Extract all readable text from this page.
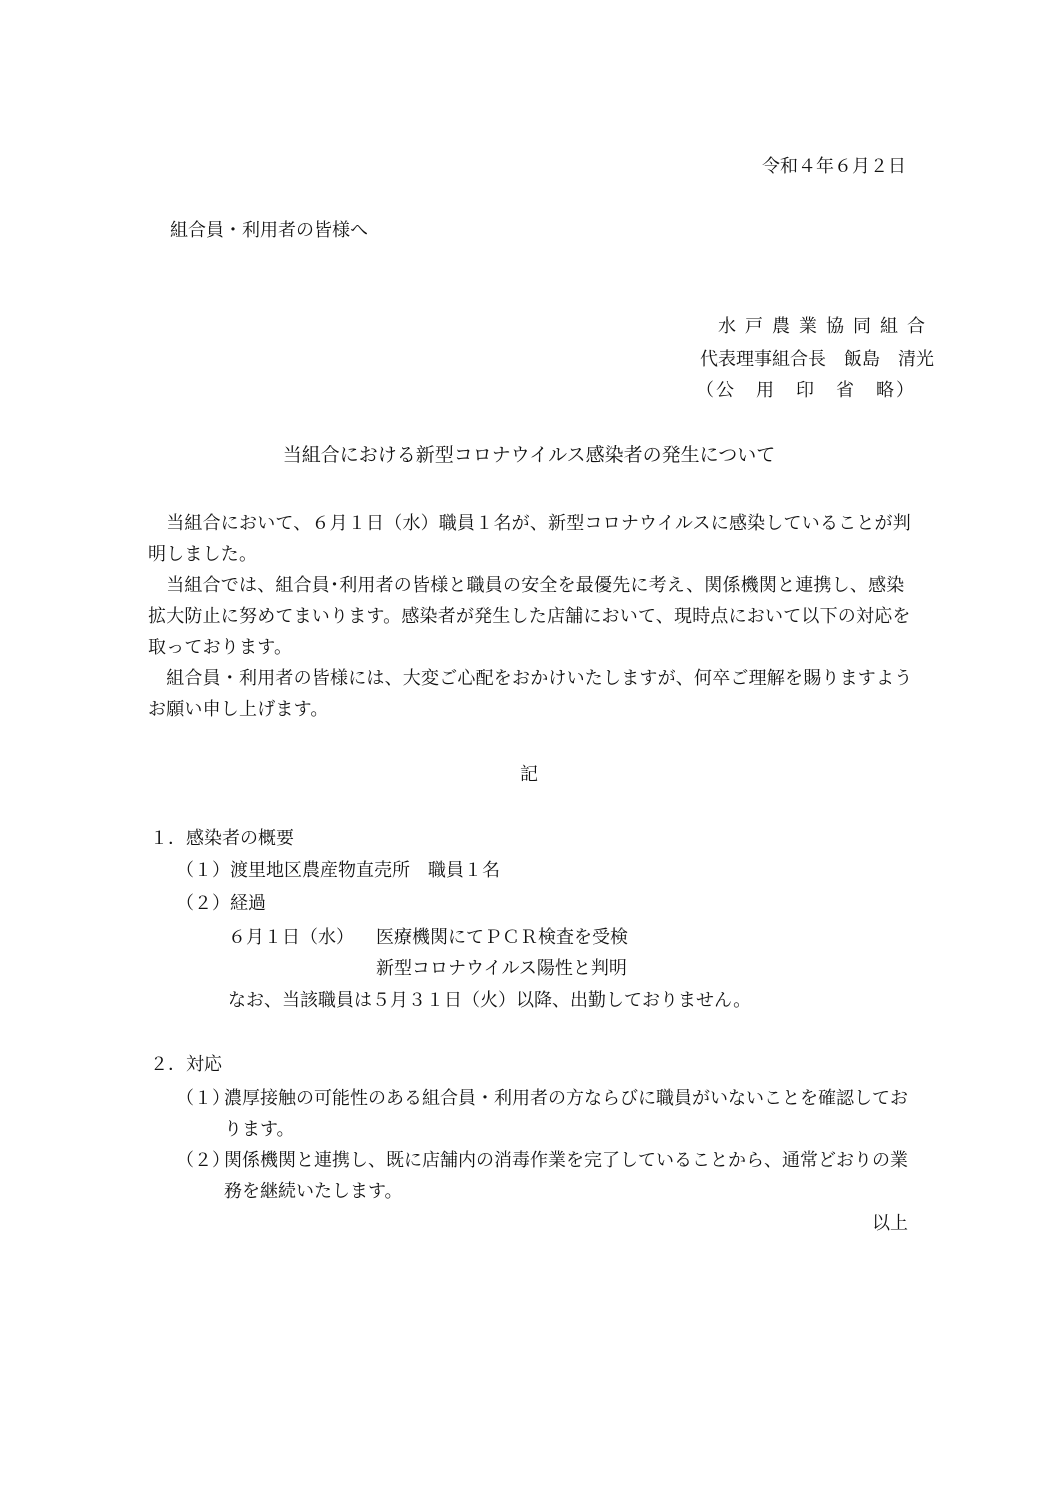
令和４年６月２日
組合員・利用者の皆様へ
水戸農業協同組合
代表理事組合長　飯島　清光
（公　用　印　省　略）
当組合における新型コロナウイルス感染者の発生について

　当組合において、６月１日（水）職員１名が、新型コロナウイルスに感染していることが判明しました。

　当組合では、組合員･利用者の皆様と職員の安全を最優先に考え、関係機関と連携し、感染拡大防止に努めてまいります。感染者が発生した店舗において、現時点において以下の対応を取っております。

　組合員・利用者の皆様には、大変ご心配をおかけいたしますが、何卒ご理解を賜りますようお願い申し上げます。

記
１．感染者の概要
（１）渡里地区農産物直売所　職員１名
（２）経過
６月１日（水） 医療機関にてＰＣＲ検査を受検
新型コロナウイルス陽性と判明
なお、当該職員は５月３１日（火）以降、出勤しておりません。
２．対応
（１）
濃厚接触の可能性のある組合員・利用者の方ならびに職員がいないことを確認しております。
（２）
関係機関と連携し、既に店舗内の消毒作業を完了していることから、通常どおりの業務を継続いたします。
以上
